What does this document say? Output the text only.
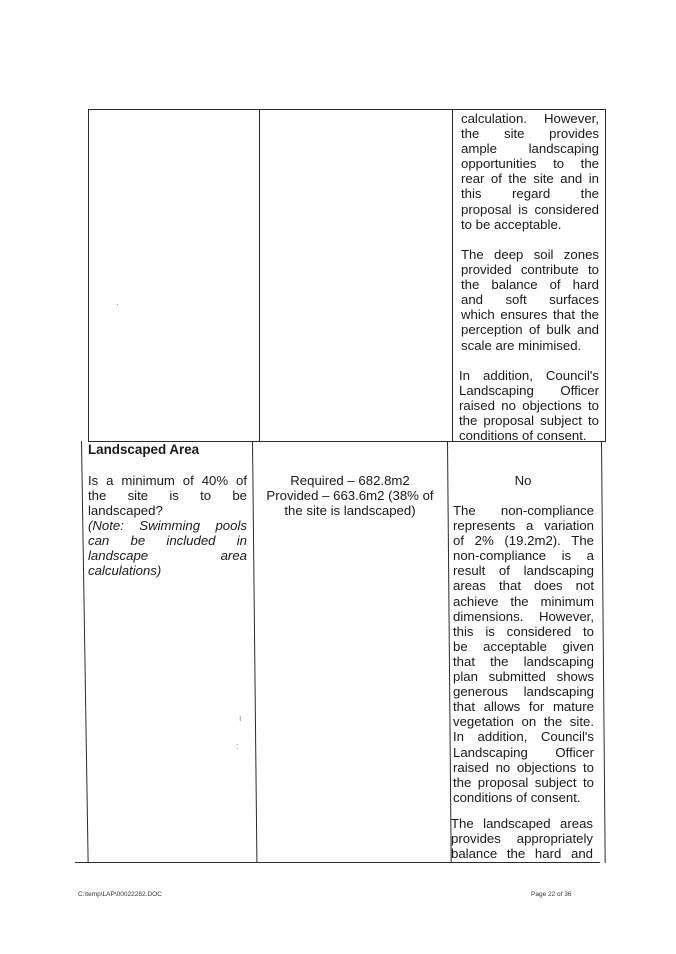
calculation. However,
the site provides
ample landscaping
opportunities to the
rear of the site and in
this regard the
proposal is considered
to be acceptable.
The deep soil zones
provided contribute to
the balance of hard
and soft surfaces
which ensures that the
perception of bulk and
scale are minimised.
In addition, Council's
Landscaping Officer
raised no objections to
the proposal subject to
conditions of consent.
·
Landscaped Area
Is a minimum of 40% of
the site is to be
landscaped?
(Note: Swimming pools
can be included in
landscape area
calculations)
Required – 682.8m2
Provided – 663.6m2 (38% of
the site is landscaped)
No
The non-compliance
represents a variation
of 2% (19.2m2). The
non-compliance is a
result of landscaping
areas that does not
achieve the minimum
dimensions. However,
this is considered to
be acceptable given
that the landscaping
plan submitted shows
generous landscaping
that allows for mature
vegetation on the site.
In addition, Council's
Landscaping Officer
raised no objections to
the proposal subject to
conditions of consent.
The landscaped areas
provides appropriately
balance the hard and
ı
:
C:\temp\LAP\00022282.DOC	Page 22 of 36
